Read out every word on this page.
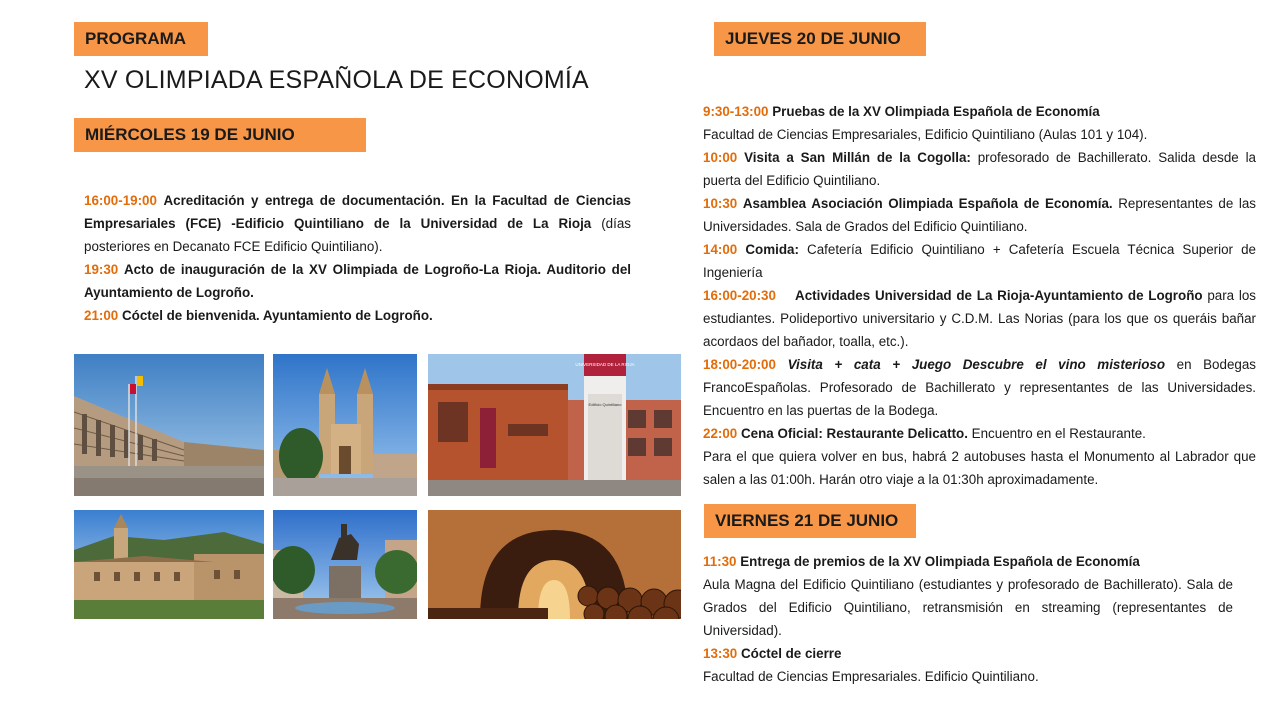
PROGRAMA
XV OLIMPIADA ESPAÑOLA DE ECONOMÍA
MIÉRCOLES 19 DE JUNIO
JUEVES 20 DE JUNIO
VIERNES 21 DE JUNIO

16:00-19:00 Acreditación y entrega de documentación. En la Facultad de Ciencias Empresariales (FCE) -Edificio Quintiliano de la Universidad de La Rioja (días posteriores en Decanato FCE Edificio Quintiliano).

19:30 Acto de inauguración de la XV Olimpiada de Logroño-La Rioja. Auditorio del Ayuntamiento de Logroño.

21:00 Cóctel de bienvenida. Ayuntamiento de Logroño.

UNIVERSIDAD DE LA RIOJA
Edificio Quintiliano

9:30-13:00 Pruebas de la XV Olimpiada Española de Economía

Facultad de Ciencias Empresariales, Edificio Quintiliano (Aulas 101 y 104).

10:00 Visita a San Millán de la Cogolla: profesorado de Bachillerato. Salida desde la puerta del Edificio Quintiliano.

10:30 Asamblea Asociación Olimpiada Española de Economía. Representantes de las Universidades. Sala de Grados del Edificio Quintiliano.

14:00 Comida: Cafetería Edificio Quintiliano + Cafetería Escuela Técnica Superior de Ingeniería

16:00-20:30 Actividades Universidad de La Rioja-Ayuntamiento de Logroño para los estudiantes. Polideportivo universitario y C.D.M. Las Norias (para los que os queráis bañar acordaos del bañador, toalla, etc.).

18:00-20:00 Visita + cata + Juego Descubre el vino misterioso en Bodegas FrancoEspañolas. Profesorado de Bachillerato y representantes de las Universidades. Encuentro en las puertas de la Bodega.

22:00 Cena Oficial: Restaurante Delicatto. Encuentro en el Restaurante.

Para el que quiera volver en bus, habrá 2 autobuses hasta el Monumento al Labrador que salen a las 01:00h. Harán otro viaje a la 01:30h aproximadamente.

11:30 Entrega de premios de la XV Olimpiada Española de Economía

Aula Magna del Edificio Quintiliano (estudiantes y profesorado de Bachillerato). Sala de Grados del Edificio Quintiliano, retransmisión en streaming (representantes de Universidad).

13:30 Cóctel de cierre

Facultad de Ciencias Empresariales. Edificio Quintiliano.
